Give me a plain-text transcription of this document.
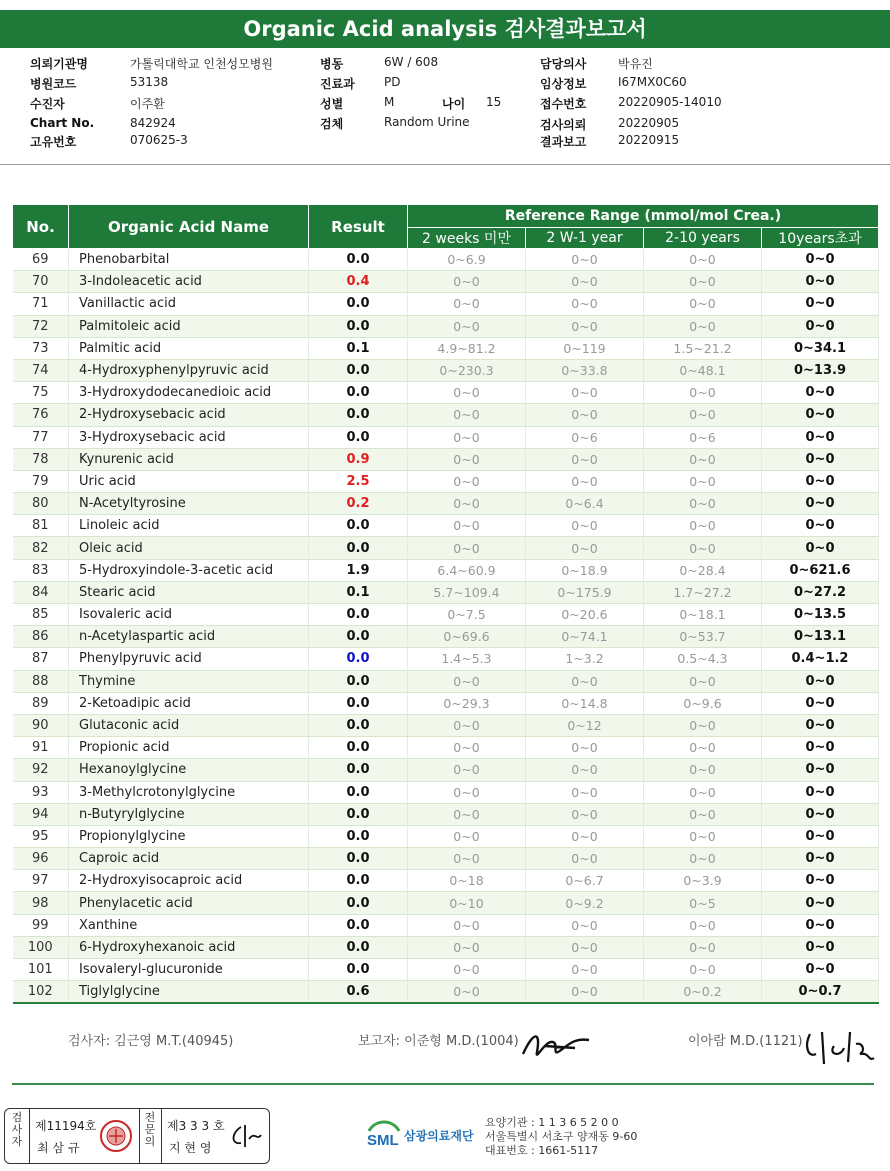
Organic Acid analysis 검사결과보고서
의뢰기관명	가톨릭대학교 인천성모병원
병원코드	53138
수진자	이주환
Chart No.	842924
고유번호	070625-3
병동	6W / 608
진료과 PD
성별	M	나이 15
검체	Random Urine
담당의사	박유진
임상정보	I67MX0C60
접수번호	20220905-14010
검사의뢰	20220905
결과보고	20220915
No.	Organic Acid Name	Result	Reference Range (mmol/mol Crea.)			
			2 weeks 미만	2 W-1 year	2-10 years	10years초과
69	Phenobarbital	0.0	0~6.9	0~0	0~0	0~0
70	3-Indoleacetic acid	0.4	0~0	0~0	0~0	0~0
71	Vanillactic acid	0.0	0~0	0~0	0~0	0~0
72	Palmitoleic acid	0.0	0~0	0~0	0~0	0~0
73	Palmitic acid	0.1	4.9~81.2	0~119	1.5~21.2	0~34.1
74	4-Hydroxyphenylpyruvic acid	0.0	0~230.3	0~33.8	0~48.1	0~13.9
75	3-Hydroxydodecanedioic acid	0.0	0~0	0~0	0~0	0~0
76	2-Hydroxysebacic acid	0.0	0~0	0~0	0~0	0~0
77	3-Hydroxysebacic acid	0.0	0~0	0~6	0~6	0~0
78	Kynurenic acid	0.9	0~0	0~0	0~0	0~0
79	Uric acid	2.5	0~0	0~0	0~0	0~0
80	N-Acetyltyrosine	0.2	0~0	0~6.4	0~0	0~0
81	Linoleic acid	0.0	0~0	0~0	0~0	0~0
82	Oleic acid	0.0	0~0	0~0	0~0	0~0
83	5-Hydroxyindole-3-acetic acid	1.9	6.4~60.9	0~18.9	0~28.4	0~621.6
84	Stearic acid	0.1	5.7~109.4	0~175.9	1.7~27.2	0~27.2
85	Isovaleric acid	0.0	0~7.5	0~20.6	0~18.1	0~13.5
86	n-Acetylaspartic acid	0.0	0~69.6	0~74.1	0~53.7	0~13.1
87	Phenylpyruvic acid	0.0	1.4~5.3	1~3.2	0.5~4.3	0.4~1.2
88	Thymine	0.0	0~0	0~0	0~0	0~0
89	2-Ketoadipic acid	0.0	0~29.3	0~14.8	0~9.6	0~0
90	Glutaconic acid	0.0	0~0	0~12	0~0	0~0
91	Propionic acid	0.0	0~0	0~0	0~0	0~0
92	Hexanoylglycine	0.0	0~0	0~0	0~0	0~0
93	3-Methylcrotonylglycine	0.0	0~0	0~0	0~0	0~0
94	n-Butyrylglycine	0.0	0~0	0~0	0~0	0~0
95	Propionylglycine	0.0	0~0	0~0	0~0	0~0
96	Caproic acid	0.0	0~0	0~0	0~0	0~0
97	2-Hydroxyisocaproic acid	0.0	0~18	0~6.7	0~3.9	0~0
98	Phenylacetic acid	0.0	0~10	0~9.2	0~5	0~0
99	Xanthine	0.0	0~0	0~0	0~0	0~0
100	6-Hydroxyhexanoic acid	0.0	0~0	0~0	0~0	0~0
101	Isovaleryl-glucuronide	0.0	0~0	0~0	0~0	0~0
102	Tiglylglycine	0.6	0~0	0~0	0~0.2	0~0.7
검사자: 김근영 M.T.(40945)	보고자: 이준형 M.D.(1004)	이아람 M.D.(1121)
검사자
제11194호
최 삼 규
전문의
제3 3 3 호
지 현 영	SML 삼광의료재단
요양기관 : 1 1 3 6 5 2 0 0
서울특별시 서초구 양재동 9-60
대표번호 : 1661-5117
